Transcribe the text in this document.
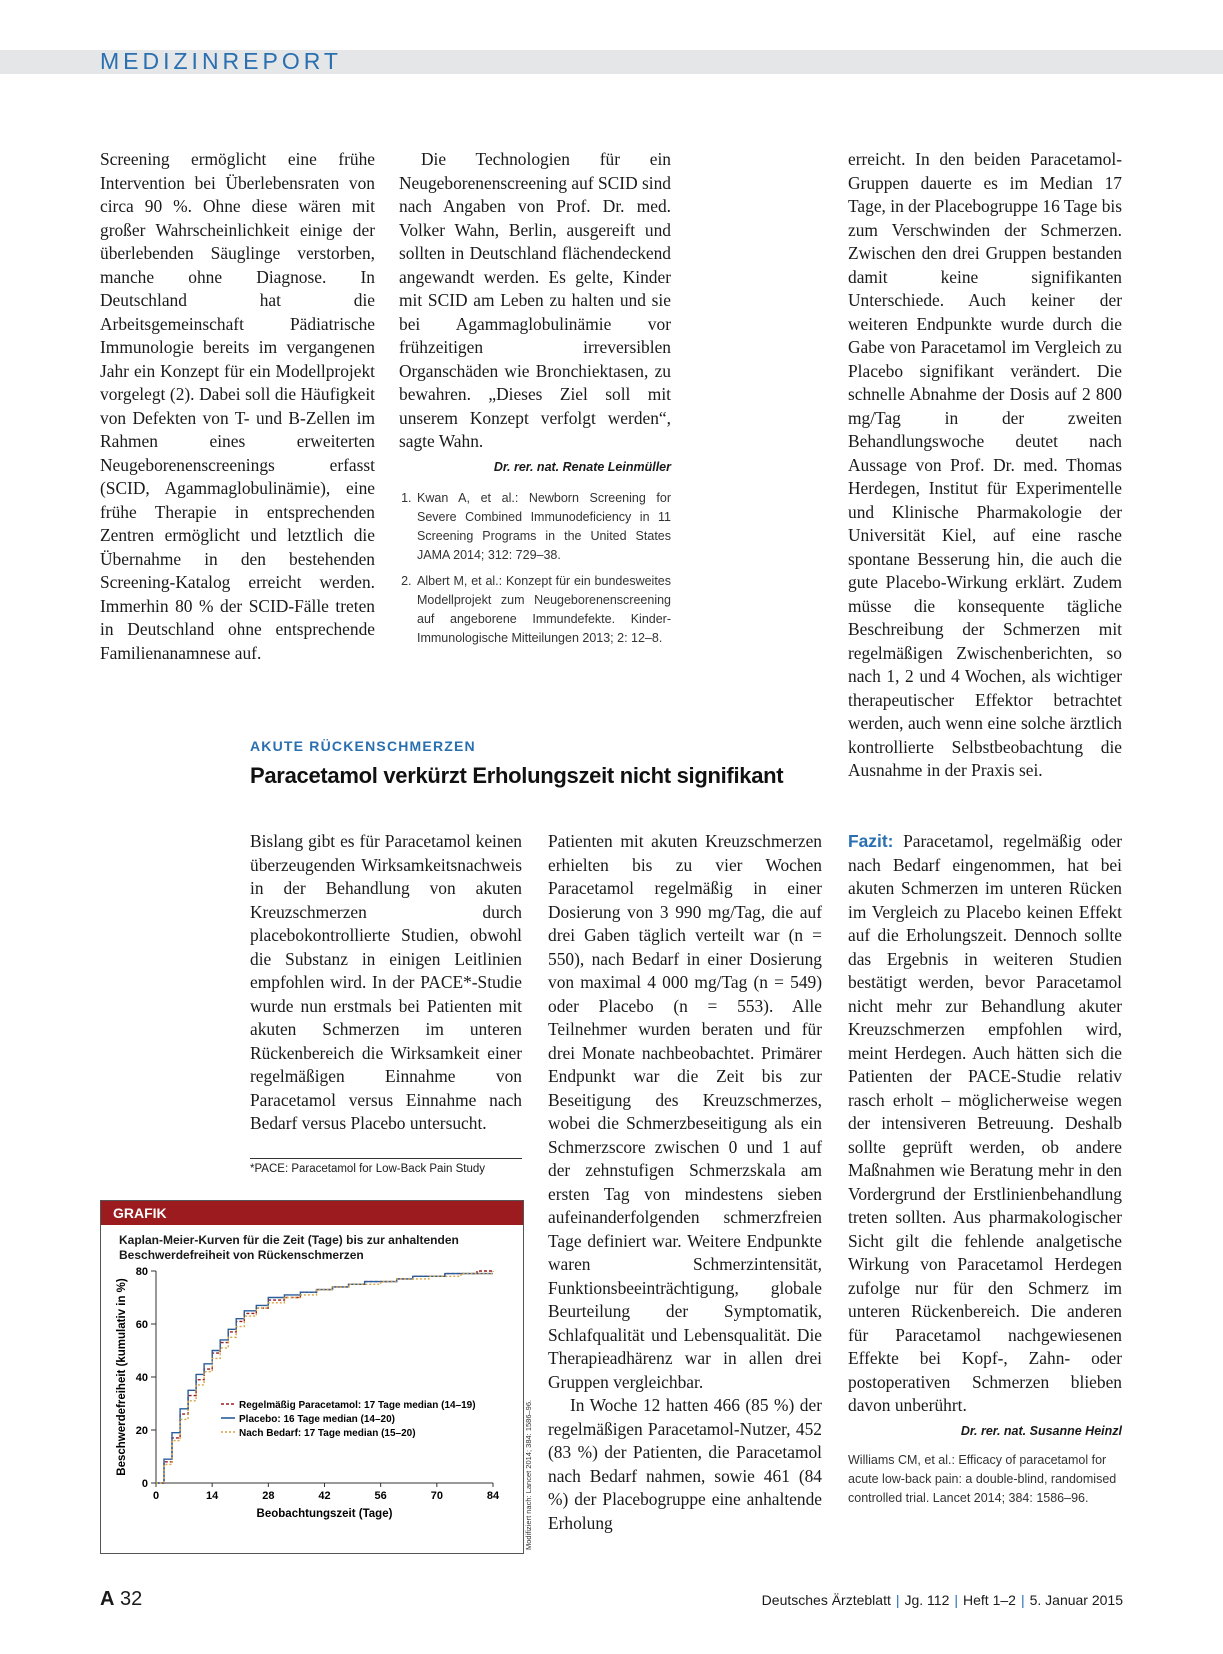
MEDIZINREPORT

Screening ermöglicht eine frühe Intervention bei Überlebensraten von circa 90 %. Ohne diese wären mit großer Wahrscheinlichkeit einige der überlebenden Säuglinge verstorben, manche ohne Diagnose. In Deutschland hat die Arbeitsgemeinschaft Pädiatrische Immunologie bereits im vergangenen Jahr ein Konzept für ein Modellprojekt vorgelegt (2). Dabei soll die Häufigkeit von Defekten von T- und B-Zellen im Rahmen eines erweiterten Neugeborenenscreenings erfasst (SCID, Agammaglobulinämie), eine frühe Therapie in entsprechenden Zentren ermöglicht und letztlich die Übernahme in den bestehenden Screening-Katalog erreicht werden. Immerhin 80 % der SCID-Fälle treten in Deutschland ohne entsprechende Familienanamnese auf.

Die Technologien für ein Neugeborenenscreening auf SCID sind nach Angaben von Prof. Dr. med. Volker Wahn, Berlin, ausgereift und sollten in Deutschland flächendeckend angewandt werden. Es gelte, Kinder mit SCID am Leben zu halten und sie bei Agammaglobulinämie vor frühzeitigen irreversiblen Organschäden wie Bronchiektasen, zu bewahren. „Dieses Ziel soll mit unserem Konzept verfolgt werden“, sagte Wahn.

Dr. rer. nat. Renate Leinmüller
1. Kwan A, et al.: Newborn Screening for Severe Combined Immunodeficiency in 11 Screening Programs in the United States JAMA 2014; 312: 729–38.
2. Albert M, et al.: Konzept für ein bundesweites Modellprojekt zum Neugeborenenscreening auf angeborene Immundefekte. Kinder-Immunologische Mitteilungen 2013; 2: 12–8.

erreicht. In den beiden Paracetamol-Gruppen dauerte es im Median 17 Tage, in der Placebogruppe 16 Tage bis zum Verschwinden der Schmerzen. Zwischen den drei Gruppen bestanden damit keine signifikanten Unterschiede. Auch keiner der weiteren Endpunkte wurde durch die Gabe von Paracetamol im Vergleich zu Placebo signifikant verändert. Die schnelle Abnahme der Dosis auf 2 800 mg/Tag in der zweiten Behandlungswoche deutet nach Aussage von Prof. Dr. med. Thomas Herdegen, Institut für Experimentelle und Klinische Pharmakologie der Universität Kiel, auf eine rasche spontane Besserung hin, die auch die gute Placebo-Wirkung erklärt. Zudem müsse die konsequente tägliche Beschreibung der Schmerzen mit regelmäßigen Zwischenberichten, so nach 1, 2 und 4 Wochen, als wichtiger therapeutischer Effektor betrachtet werden, auch wenn eine solche ärztlich kontrollierte Selbstbeobachtung die Ausnahme in der Praxis sei.

AKUTE RÜCKENSCHMERZEN
Paracetamol verkürzt Erholungszeit nicht signifikant

Bislang gibt es für Paracetamol keinen überzeugenden Wirksamkeitsnachweis in der Behandlung von akuten Kreuzschmerzen durch placebokontrollierte Studien, obwohl die Substanz in einigen Leitlinien empfohlen wird. In der PACE*-Studie wurde nun erstmals bei Patienten mit akuten Schmerzen im unteren Rückenbereich die Wirksamkeit einer regelmäßigen Einnahme von Paracetamol versus Einnahme nach Bedarf versus Placebo untersucht.

*PACE: Paracetamol for Low-Back Pain Study

Patienten mit akuten Kreuzschmerzen erhielten bis zu vier Wochen Paracetamol regelmäßig in einer Dosierung von 3 990 mg/Tag, die auf drei Gaben täglich verteilt war (n = 550), nach Bedarf in einer Dosierung von maximal 4 000 mg/Tag (n = 549) oder Placebo (n = 553). Alle Teilnehmer wurden beraten und für drei Monate nachbeobachtet. Primärer Endpunkt war die Zeit bis zur Beseitigung des Kreuzschmerzes, wobei die Schmerzbeseitigung als ein Schmerzscore zwischen 0 und 1 auf der zehnstufigen Schmerzskala am ersten Tag von mindestens sieben aufeinanderfolgenden schmerzfreien Tage definiert war. Weitere Endpunkte waren Schmerzintensität, Funktionsbeeinträchtigung, globale Beurteilung der Symptomatik, Schlafqualität und Lebensqualität. Die Therapieadhärenz war in allen drei Gruppen vergleichbar.

In Woche 12 hatten 466 (85 %) der regelmäßigen Paracetamol-Nutzer, 452 (83 %) der Patienten, die Paracetamol nach Bedarf nahmen, sowie 461 (84 %) der Placebogruppe eine anhaltende Erholung

Fazit: Paracetamol, regelmäßig oder nach Bedarf eingenommen, hat bei akuten Schmerzen im unteren Rücken im Vergleich zu Placebo keinen Effekt auf die Erholungszeit. Dennoch sollte das Ergebnis in weiteren Studien bestätigt werden, bevor Paracetamol nicht mehr zur Behandlung akuter Kreuzschmerzen empfohlen wird, meint Herdegen. Auch hätten sich die Patienten der PACE-Studie relativ rasch erholt – möglicherweise wegen der intensiveren Betreuung. Deshalb sollte geprüft werden, ob andere Maßnahmen wie Beratung mehr in den Vordergrund der Erstlinienbehandlung treten sollten. Aus pharmakologischer Sicht gilt die fehlende analgetische Wirkung von Paracetamol Herdegen zufolge nur für den Schmerz im unteren Rückenbereich. Die anderen für Paracetamol nachgewiesenen Effekte bei Kopf-, Zahn- oder postoperativen Schmerzen blieben davon unberührt.

Dr. rer. nat. Susanne Heinzl
Williams CM, et al.: Efficacy of paracetamol for acute low-back pain: a double-blind, randomised controlled trial. Lancet 2014; 384: 1586–96.
GRAFIK
Kaplan-Meier-Kurven für die Zeit (Tage) bis zur anhaltenden Beschwerdefreiheit von Rückenschmerzen
0
20
40
60
80
0	14	28	42	56	70	84
Beobachtungszeit (Tage)
Beschwerdefreiheit (kumulativ in %)	Regelmäßig Paracetamol: 17 Tage median (14–19)
Placebo: 16 Tage median (14–20)
Nach Bedarf: 17 Tage median (15–20)	Modifiziert nach: Lancet 2014; 384: 1586–96.
A 32	Deutsches Ärzteblatt | Jg. 112 | Heft 1–2 | 5. Januar 2015
